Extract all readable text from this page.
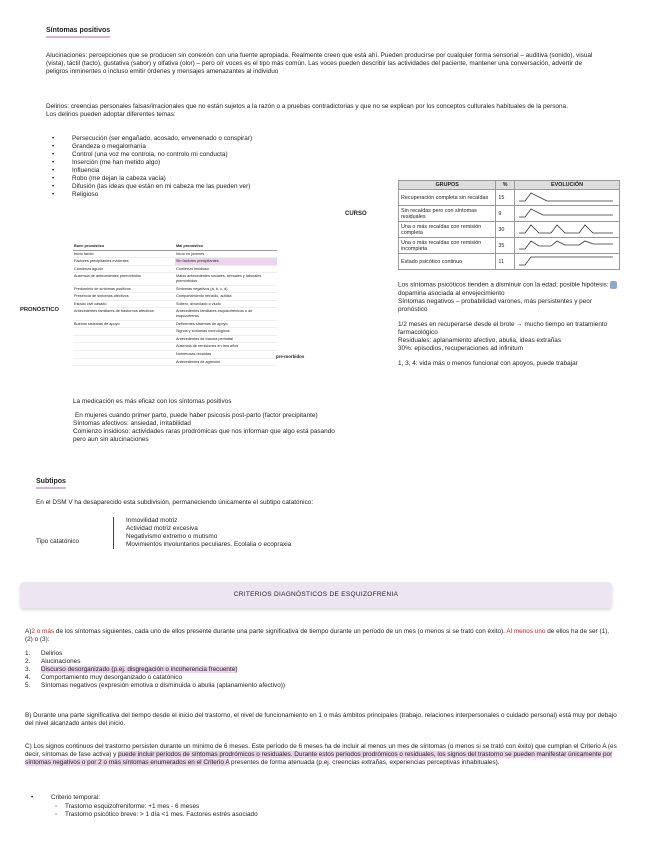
Síntomas positivos
Alucinaciones: percepciones que se producen sin conexión con una fuente apropiada. Realmente creen que está ahí. Pueden producirse por cualquier forma sensorial – auditiva (sonido), visual (vista), táctil (tacto), gustativa (sabor) y olfativa (olor) – pero oír voces es el tipo más común. Las voces pueden describir las actividades del paciente, mantener una conversación, advertir de peligros inminentes o incluso emitir órdenes y mensajes amenazantes al individuo
Delirios: creencias personales falsas/irracionales que no están sujetos a la razón o a pruebas contradictorias y que no se explican por los conceptos culturales habituales de la persona.
Los delirios pueden adoptar diferentes temas:
• Persecución (ser engañado, acosado, envenenado o conspirar)
• Grandeza o megalomanía
• Control (una voz me controla, no controlo mi conducta)
• Inserción (me han metido algo)
• Influencia
• Robo (me dejan la cabeza vacía)
• Difusión (las ideas que están en mi cabeza me las pueden ver)
• Religioso
CURSO
GRUPOS	%	EVOLUCIÓN
Recuperación completa sin recaídas	15	
Sin recaídas pero con síntomas residuales	9	
Una o más recaídas con remisión completa	30	
Una o más recaídas con remisión incompleta	35	
Estado psicótico continuo	11	
Los síntomas psicóticos tienden a disminuir con la edad; posible hipótesis:  dopamina asociada al envejecimiento
Síntomas negativos – probabilidad varones, más persistentes y peor pronóstico
1/2 meses en recuperarse desde el brote → mucho tiempo en tratamiento farmacológico
Residuales: aplanamiento afectivo, abulia, ideas extrañas
30%: episodios, recuperaciones ad infinitum
1, 3, 4: vida más o menos funcional con apoyos, puede trabajar
PRONÓSTICO
Buen pronóstico	Mal pronóstico
Inicio tardío	Inicio en jóvenes
Factores precipitantes evidentes	Sin factores precipitantes
Comienzo agudo	Comienzo insidioso
Ausencia de antecedentes premórbidos	Malos antecedentes sociales, sexuales y laborales premórbidos
Predominio de síntomas positivos	Síntomas negativos (a, b, c, d)
Presencia de síntomas afectivos	Comportamiento retraído, autista
Estado civil casado	Soltero, divorciado o viudo
Antecedentes familiares de trastornos afectivos	Antecedentes familiares esquizofrénicos o de esquizofrenia
Buenos sistemas de apoyo	Deficientes sistemas de apoyo
	Signos y síntomas neurológicos
	Antecedentes de trauma perinatal
	Ausencia de remisiones en tres años
	Numerosas recaídas
	Antecedentes de agresión
pre-morbidos
La medicación es más eficaz con los síntomas positivos
En mujeres cuando primer parto, puede haber psicosis post-parto (factor precipitante)
Síntomas afectivos: ansiedad, irritabilidad
Comienzo insidioso: actividades raras prodrómicas que nos informan que algo está pasando pero aun sin alucinaciones
Subtipos
En el DSM V ha desaparecido esta subdivisión, permaneciendo únicamente el subtipo catatónico:
Tipo catatónico
Inmovilidad motriz
Actividad motriz excesiva
Negativismo extremo o mutismo
Movimientos involuntarios peculiares. Ecolalia o ecopraxia
CRITERIOS DIAGNÓSTICOS DE ESQUIZOFRENIA
A)2 o más de los síntomas siguientes, cada uno de ellos presente durante una parte significativa de tiempo durante un período de un mes (o menos si se trató con éxito). Al menos uno de ellos ha de ser (1), (2) o (3):
1. Delirios
2. Alucinaciones
3. Discurso desorganizado (p.ej. disgregación o incoherencia frecuente)
4. Comportamiento muy desorganizado o catatónico
5. Síntomas negativos (expresión emotiva o disminuida o abulia (aplanamiento afectivo))
B) Durante una parte significativa del tiempo desde el inicio del trastorno, el nivel de funcionamiento en 1 o más ámbitos principales (trabajo, relaciones interpersonales o cuidado personal) está muy por debajo del nivel alcanzado antes del inicio.
C) Los signos continuos del trastorno persisten durante un mínimo de 6 meses. Este período de 6 meses ha de incluir al menos un mes de síntomas (o menos si se trató con éxito) que cumplan el Criterio A (es decir, síntomas de fase activa) y puede incluir períodos de síntomas prodrómicos o residuales. Durante estos períodos prodrómicos o residuales, los signos del trastorno se pueden manifestar únicamente por síntomas negativos o por 2 o más síntomas enumerados en el Criterio A presentes de forma atenuada (p.ej. creencias extrañas, experiencias perceptivas inhabituales).
• Criterio temporal:
◦ Trastorno esquizofreniforme: +1 mes - 6 meses
◦ Trastorno psicótico breve: > 1 día <1 mes. Factores estrés asociado
